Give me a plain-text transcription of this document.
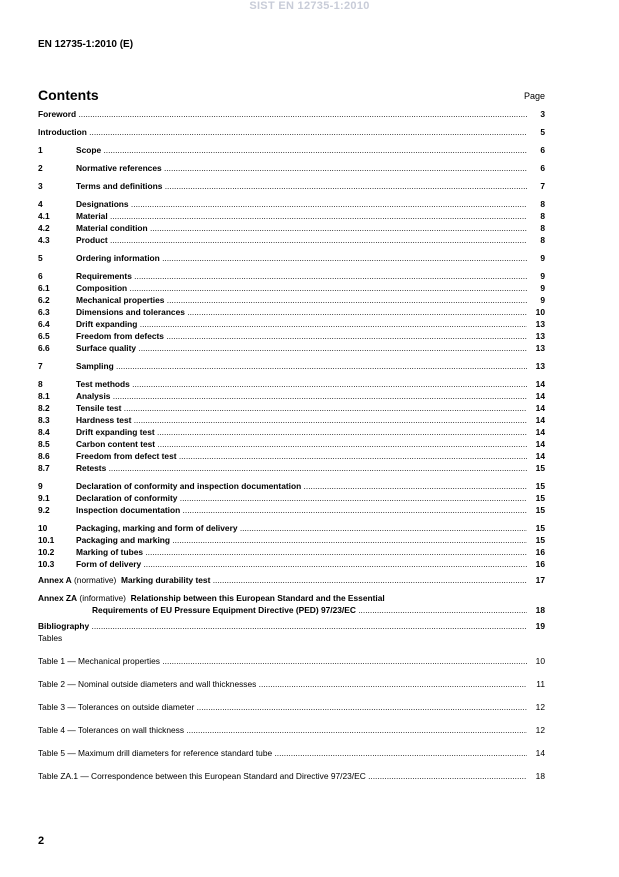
SIST EN 12735-1:2010
EN 12735-1:2010 (E)
Contents	Page
Foreword .....	3
Introduction .....	5
1	Scope .....	6
2	Normative references .....	6
3	Terms and definitions .....	7
4	Designations .....	8
4.1	Material .....	8
4.2	Material condition .....	8
4.3	Product .....	8
5	Ordering information .....	9
6	Requirements .....	9
6.1	Composition .....	9
6.2	Mechanical properties .....	9
6.3	Dimensions and tolerances .....	10
6.4	Drift expanding .....	13
6.5	Freedom from defects .....	13
6.6	Surface quality .....	13
7	Sampling .....	13
8	Test methods .....	14
8.1	Analysis .....	14
8.2	Tensile test .....	14
8.3	Hardness test .....	14
8.4	Drift expanding test .....	14
8.5	Carbon content test .....	14
8.6	Freedom from defect test .....	14
8.7	Retests .....	15
9	Declaration of conformity and inspection documentation .....	15
9.1	Declaration of conformity .....	15
9.2	Inspection documentation .....	15
10	Packaging, marking and form of delivery .....	15
10.1	Packaging and marking .....	15
10.2	Marking of tubes .....	16
10.3	Form of delivery .....	16
Annex A (normative) Marking durability test .....	17
Annex ZA (informative) Relationship between this European Standard and the Essential
Requirements of EU Pressure Equipment Directive (PED) 97/23/EC .....	18
Bibliography .....	19
Tables
Table 1 — Mechanical properties .....	10
Table 2 — Nominal outside diameters and wall thicknesses .....	11
Table 3 — Tolerances on outside diameter .....	12
Table 4 — Tolerances on wall thickness .....	12
Table 5 — Maximum drill diameters for reference standard tube .....	14
Table ZA.1 — Correspondence between this European Standard and Directive 97/23/EC .....	18
2
